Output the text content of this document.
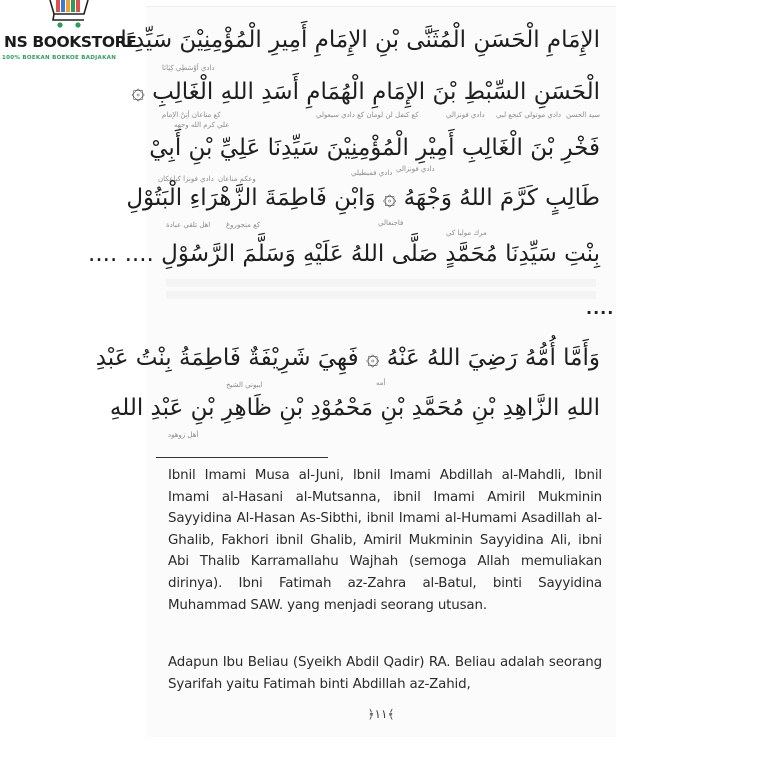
NS BOOKSTORE
100% BOEKAN BOEKOE BADJAKAN
الإِمَامِ الْحَسَنِ الْمُثَنَّى بْنِ الإِمَامِ أَمِيرِ الْمُؤْمِنِيْنَ سَيِّدِنَا
دادي اَوْسَطِي كِيَانَا
الْحَسَنِ السِّبْطِ بْنَ الإِمَامِ الْهُمَامِ أَسَدِ اللهِ الْغَالِبِ ۞
سيد الحسن
دادي موتولي كنجع لبي
دادي فونزالي
كع كنفل لن لومان كع دادي سيعولي
كع مناعان أنِنْ الإمام
علي كرم الله وجهه
فَخْرِ بْنَ الْغَالِبِ أَمِيْرِ الْمُؤْمِنِيْنَ سَيِّدِنَا عَلِيِّ بْنِ أَبِيْ
دادي فونزالي
دادي فمبطيلي
دادي فونزا كباعكان وعكم مناعان
طَالِبٍ كَرَّمَ اللهُ وَجْهَهُ ۞ وَابْنِ فَاطِمَةَ الزَّهْرَاءِ الْبَتُوْلِ
مرك موليا كي
فاجنغالي
كع منجوروغ
اهل تلقي عبادة
بِنْتِ سَيِّدِنَا مُحَمَّدٍ صَلَّى اللهُ عَلَيْهِ وَسَلَّمَ الرَّسُوْلِ .... ....
....
وَأَمَّا أُمُّهُ رَضِيَ اللهُ عَنْهُ ۞ فَهِيَ شَرِيْفَةٌ فَاطِمَةُ بِنْتُ عَبْدِ
ايبوني الشيخ	أمه
اللهِ الزَّاهِدِ بْنِ مُحَمَّدِ بْنِ مَحْمُوْدِ بْنِ ظَاهِرِ بْنِ عَبْدِ اللهِ
أهل زوهود

Ibnil Imami Musa al-Juni, Ibnil Imami Abdillah al-Mahdli, Ibnil Imami al-Hasani al-Mutsanna, ibnil Imami Amiril Mukminin Sayyidina Al-Hasan As-Sibthi, ibnil Imami al-Humami Asadillah al-Ghalib, Fakhori ibnil Ghalib, Amiril Mukminin Sayyidina Ali, ibni Abi Thalib Karramallahu Wajhah (semoga Allah memuliakan dirinya). Ibni Fatimah az-Zahra al-Batul, binti Sayyidina Muhammad SAW. yang menjadi seorang utusan.

Adapun Ibu Beliau (Syeikh Abdil Qadir) RA. Beliau adalah seorang Syarifah yaitu Fatimah binti Abdillah az-Zahid,

﴿١١﴾
